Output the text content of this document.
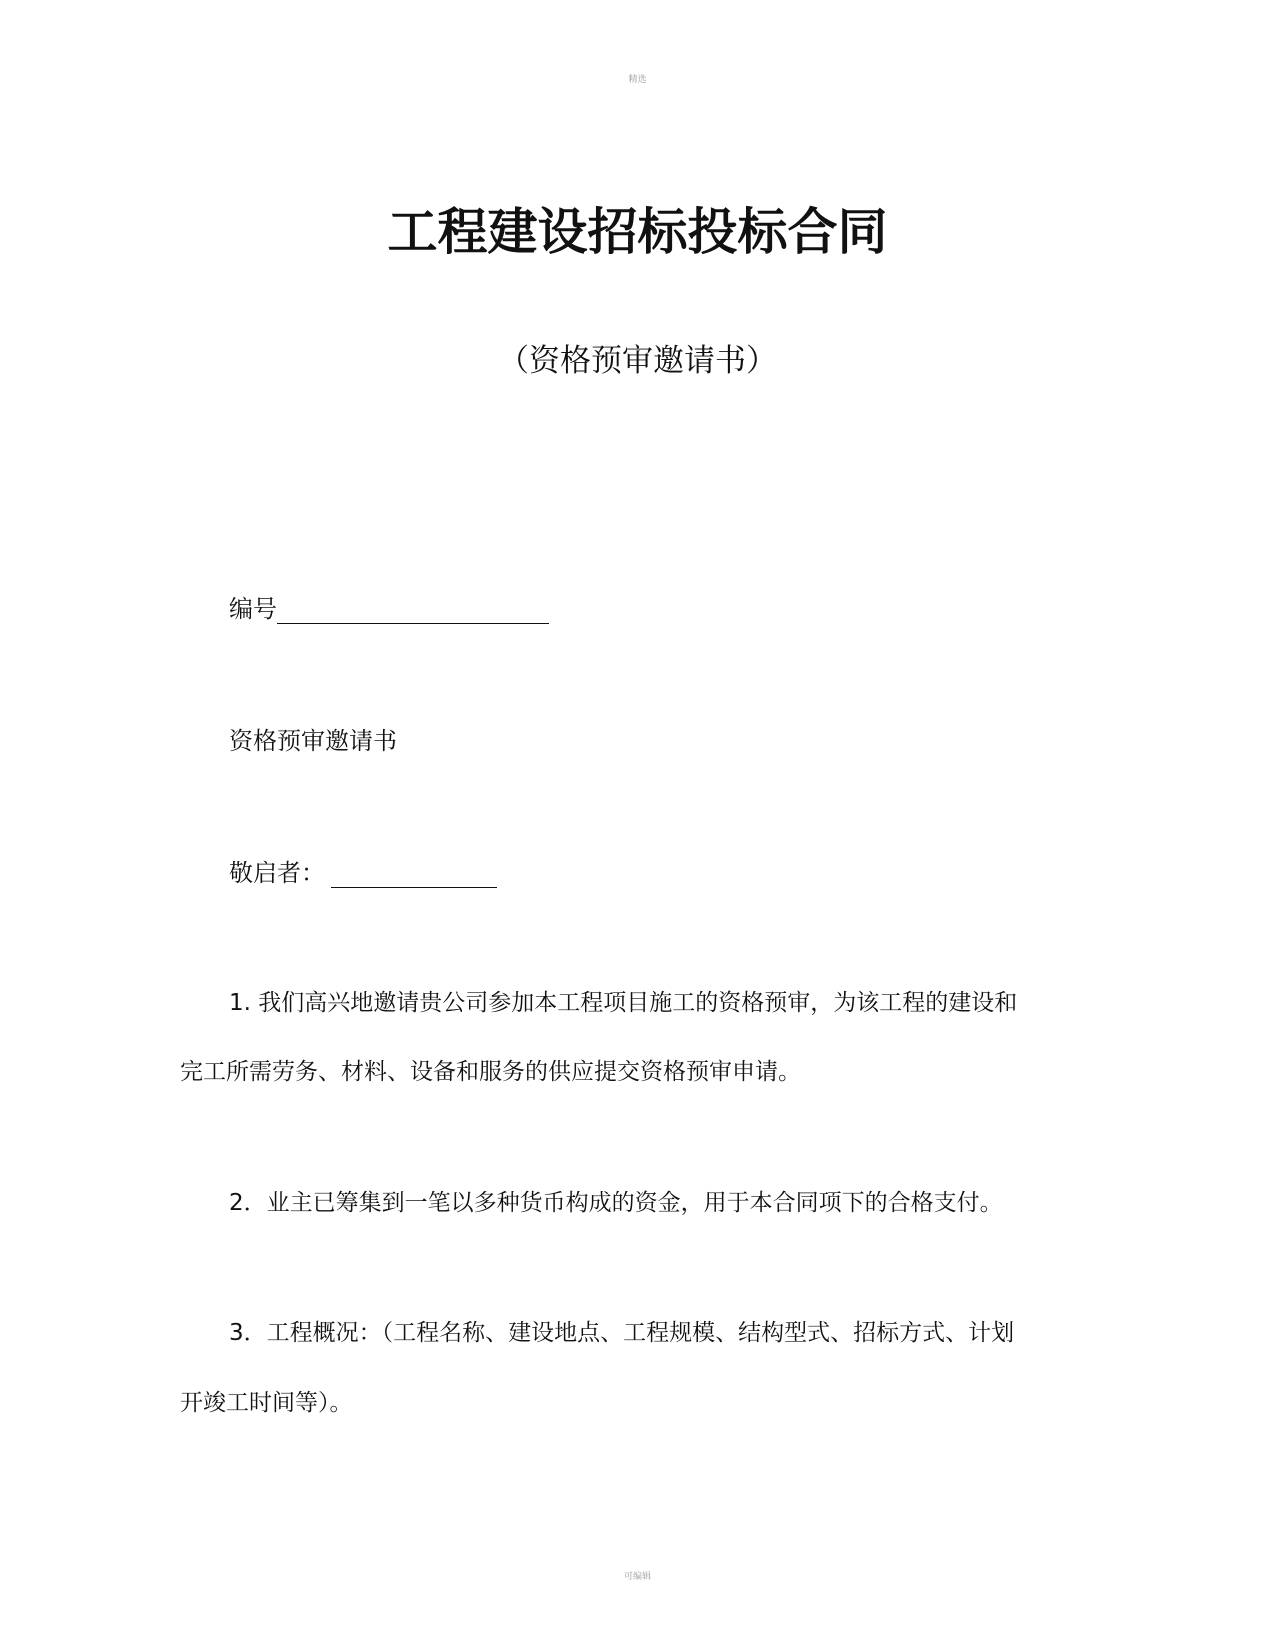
精选
工程建设招标投标合同
（资格预审邀请书）
编号
资格预审邀请书
敬启者：
1. 我们高兴地邀请贵公司参加本工程项目施工的资格预审，为该工程的建设和
完工所需劳务、材料、设备和服务的供应提交资格预审申请。
2．业主已筹集到一笔以多种货币构成的资金，用于本合同项下的合格支付。
3．工程概况：（工程名称、建设地点、工程规模、结构型式、招标方式、计划
开竣工时间等）。
可编辑
